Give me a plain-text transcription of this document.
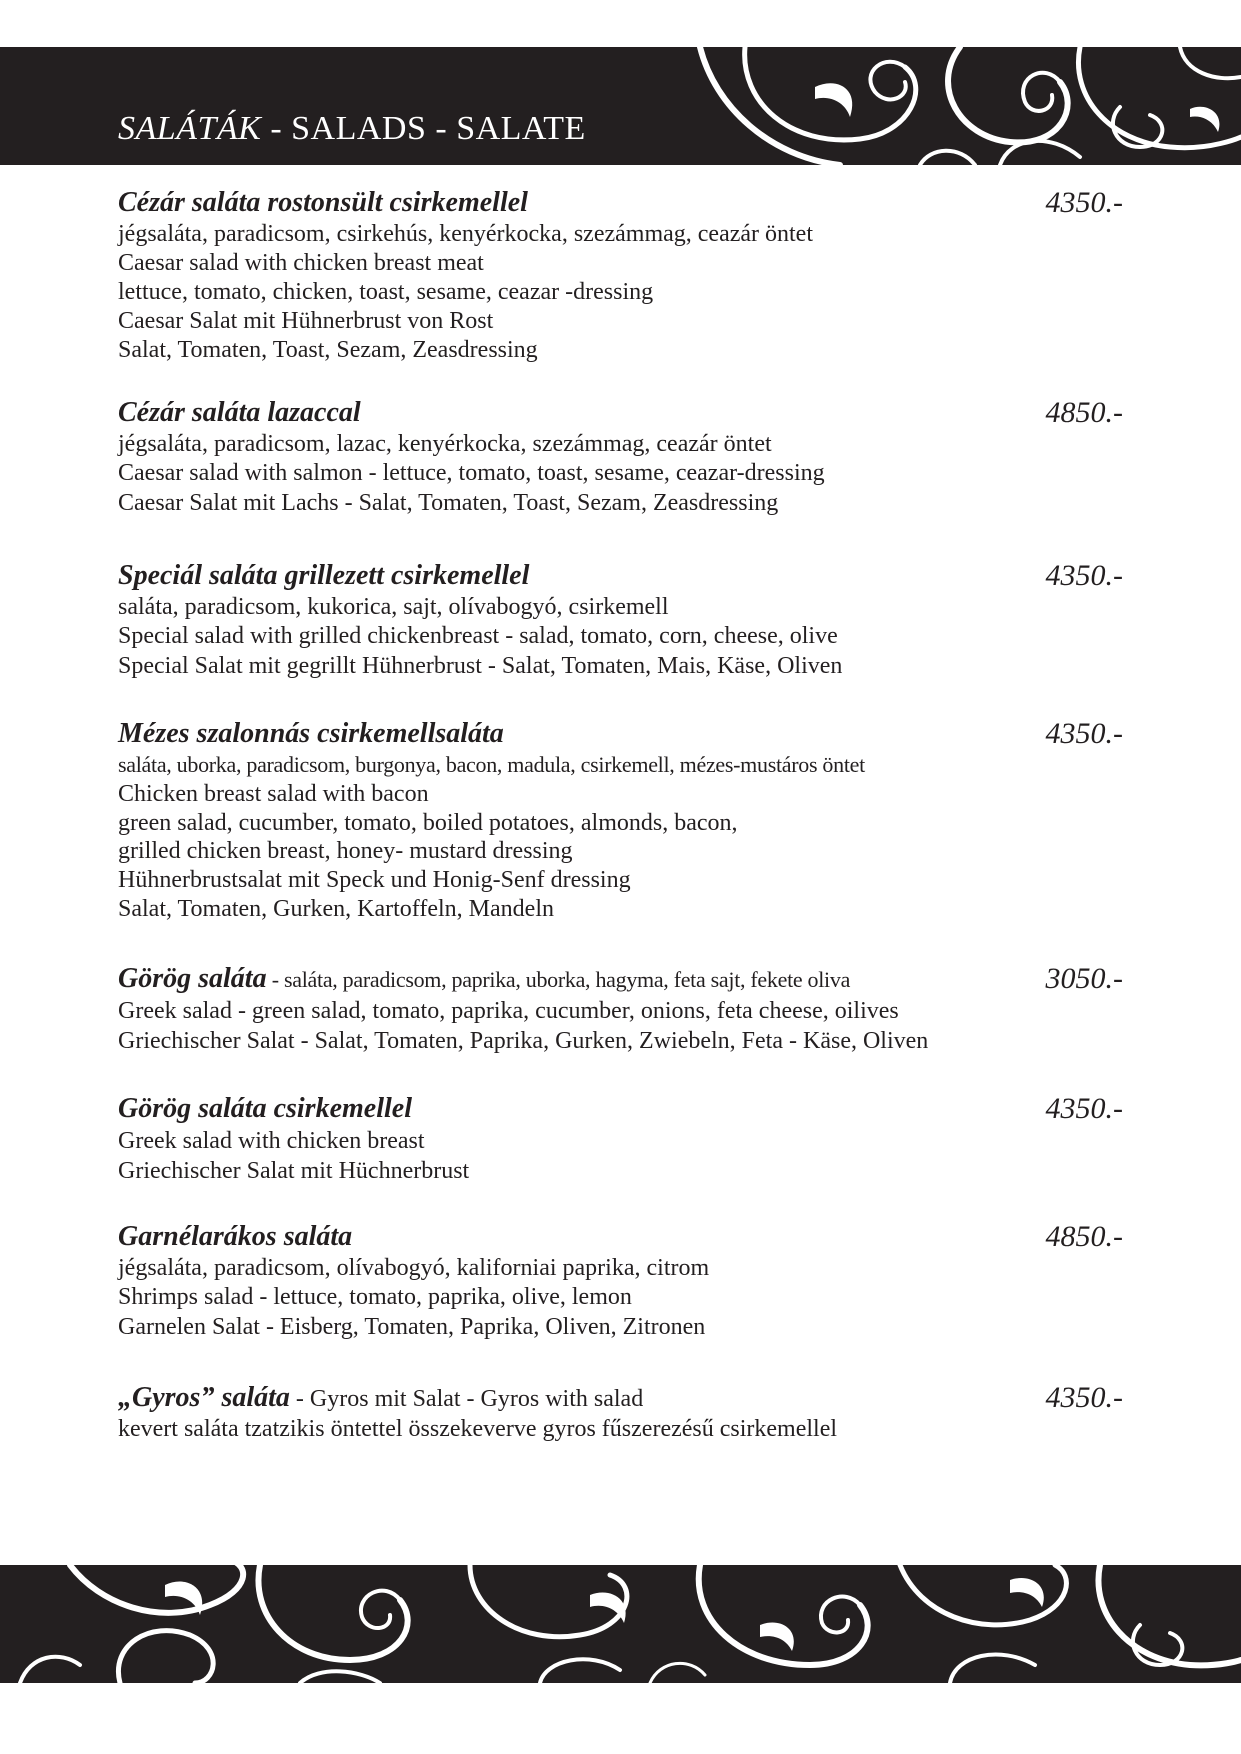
SALÁTÁK - SALADS - SALATE
Cézár saláta rostonsült csirkemellel	4350.-
jégsaláta, paradicsom, csirkehús, kenyérkocka, szezámmag, ceazár öntet
Caesar salad with chicken breast meat
lettuce, tomato, chicken, toast, sesame, ceazar -dressing
Caesar Salat mit Hühnerbrust von Rost
Salat, Tomaten, Toast, Sezam, Zeasdressing
Cézár saláta lazaccal	4850.-
jégsaláta, paradicsom, lazac, kenyérkocka, szezámmag, ceazár öntet
Caesar salad with salmon - lettuce, tomato, toast, sesame, ceazar-dressing
Caesar Salat mit Lachs - Salat, Tomaten, Toast, Sezam, Zeasdressing
Speciál saláta grillezett csirkemellel	4350.-
saláta, paradicsom, kukorica, sajt, olívabogyó, csirkemell
Special salad with grilled chickenbreast - salad, tomato, corn, cheese, olive
Special Salat mit gegrillt Hühnerbrust - Salat, Tomaten, Mais, Käse, Oliven
Mézes szalonnás csirkemellsaláta	4350.-
saláta, uborka, paradicsom, burgonya, bacon, madula, csirkemell, mézes-mustáros öntet
Chicken breast salad with bacon
green salad, cucumber, tomato, boiled potatoes, almonds, bacon,
grilled chicken breast, honey- mustard dressing
Hühnerbrustsalat mit Speck und Honig-Senf dressing
Salat, Tomaten, Gurken, Kartoffeln, Mandeln
Görög saláta - saláta, paradicsom, paprika, uborka, hagyma, feta sajt, fekete oliva	3050.-
Greek salad - green salad, tomato, paprika, cucumber, onions, feta cheese, oilives
Griechischer Salat - Salat, Tomaten, Paprika, Gurken, Zwiebeln, Feta - Käse, Oliven
Görög saláta csirkemellel	4350.-
Greek salad with chicken breast
Griechischer Salat mit Hüchnerbrust
Garnélarákos saláta	4850.-
jégsaláta, paradicsom, olívabogyó, kaliforniai paprika, citrom
Shrimps salad - lettuce, tomato, paprika, olive, lemon
Garnelen Salat - Eisberg, Tomaten, Paprika, Oliven, Zitronen
„Gyros” saláta - Gyros mit Salat - Gyros with salad	4350.-
kevert saláta tzatzikis öntettel összekeverve gyros fűszerezésű csirkemellel
